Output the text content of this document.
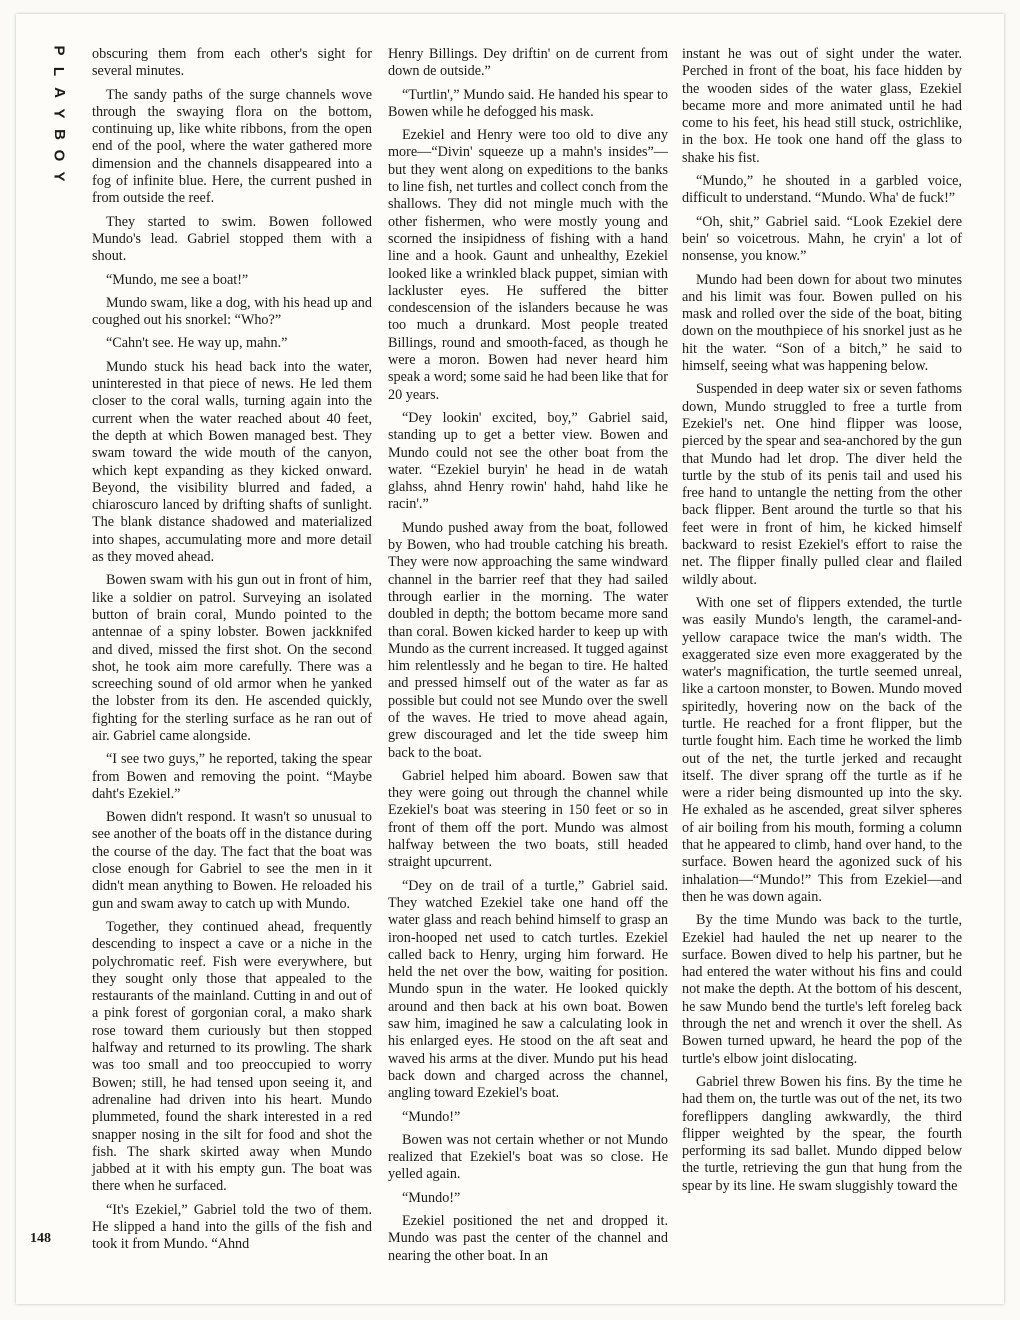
P
L
A
Y
B
O
Y

obscuring them from each other's sight for several minutes.

The sandy paths of the surge channels wove through the swaying flora on the bottom, continuing up, like white ribbons, from the open end of the pool, where the water gathered more dimension and the channels disappeared into a fog of infinite blue. Here, the current pushed in from outside the reef.

They started to swim. Bowen followed Mundo's lead. Gabriel stopped them with a shout.

“Mundo, me see a boat!”

Mundo swam, like a dog, with his head up and coughed out his snorkel: “Who?”

“Cahn't see. He way up, mahn.”

Mundo stuck his head back into the water, uninterested in that piece of news. He led them closer to the coral walls, turning again into the current when the water reached about 40 feet, the depth at which Bowen managed best. They swam toward the wide mouth of the canyon, which kept expanding as they kicked onward. Beyond, the visibility blurred and faded, a chiaroscuro lanced by drifting shafts of sunlight. The blank distance shadowed and materialized into shapes, accumulating more and more detail as they moved ahead.

Bowen swam with his gun out in front of him, like a soldier on patrol. Surveying an isolated button of brain coral, Mundo pointed to the antennae of a spiny lobster. Bowen jackknifed and dived, missed the first shot. On the second shot, he took aim more carefully. There was a screeching sound of old armor when he yanked the lobster from its den. He ascended quickly, fighting for the sterling surface as he ran out of air. Gabriel came alongside.

“I see two guys,” he reported, taking the spear from Bowen and removing the point. “Maybe daht's Ezekiel.”

Bowen didn't respond. It wasn't so unusual to see another of the boats off in the distance during the course of the day. The fact that the boat was close enough for Gabriel to see the men in it didn't mean anything to Bowen. He reloaded his gun and swam away to catch up with Mundo.

Together, they continued ahead, frequently descending to inspect a cave or a niche in the polychromatic reef. Fish were everywhere, but they sought only those that appealed to the restaurants of the mainland. Cutting in and out of a pink forest of gorgonian coral, a mako shark rose toward them curiously but then stopped halfway and returned to its prowling. The shark was too small and too preoccupied to worry Bowen; still, he had tensed upon seeing it, and adrenaline had driven into his heart. Mundo plummeted, found the shark interested in a red snapper nosing in the silt for food and shot the fish. The shark skirted away when Mundo jabbed at it with his empty gun. The boat was there when he surfaced.

“It's Ezekiel,” Gabriel told the two of them. He slipped a hand into the gills of the fish and took it from Mundo. “Ahnd

Henry Billings. Dey driftin' on de current from down de outside.”

“Turtlin',” Mundo said. He handed his spear to Bowen while he defogged his mask.

Ezekiel and Henry were too old to dive any more—“Divin' squeeze up a mahn's insides”—but they went along on expeditions to the banks to line fish, net turtles and collect conch from the shallows. They did not mingle much with the other fishermen, who were mostly young and scorned the insipidness of fishing with a hand line and a hook. Gaunt and unhealthy, Ezekiel looked like a wrinkled black puppet, simian with lackluster eyes. He suffered the bitter condescension of the islanders because he was too much a drunkard. Most people treated Billings, round and smooth-faced, as though he were a moron. Bowen had never heard him speak a word; some said he had been like that for 20 years.

“Dey lookin' excited, boy,” Gabriel said, standing up to get a better view. Bowen and Mundo could not see the other boat from the water. “Ezekiel buryin' he head in de watah glahss, ahnd Henry rowin' hahd, hahd like he racin'.”

Mundo pushed away from the boat, followed by Bowen, who had trouble catching his breath. They were now approaching the same windward channel in the barrier reef that they had sailed through earlier in the morning. The water doubled in depth; the bottom became more sand than coral. Bowen kicked harder to keep up with Mundo as the current increased. It tugged against him relentlessly and he began to tire. He halted and pressed himself out of the water as far as possible but could not see Mundo over the swell of the waves. He tried to move ahead again, grew discouraged and let the tide sweep him back to the boat.

Gabriel helped him aboard. Bowen saw that they were going out through the channel while Ezekiel's boat was steering in 150 feet or so in front of them off the port. Mundo was almost halfway between the two boats, still headed straight upcurrent.

“Dey on de trail of a turtle,” Gabriel said. They watched Ezekiel take one hand off the water glass and reach behind himself to grasp an iron-hooped net used to catch turtles. Ezekiel called back to Henry, urging him forward. He held the net over the bow, waiting for position. Mundo spun in the water. He looked quickly around and then back at his own boat. Bowen saw him, imagined he saw a calculating look in his enlarged eyes. He stood on the aft seat and waved his arms at the diver. Mundo put his head back down and charged across the channel, angling toward Ezekiel's boat.

“Mundo!”

Bowen was not certain whether or not Mundo realized that Ezekiel's boat was so close. He yelled again.

“Mundo!”

Ezekiel positioned the net and dropped it. Mundo was past the center of the channel and nearing the other boat. In an

instant he was out of sight under the water. Perched in front of the boat, his face hidden by the wooden sides of the water glass, Ezekiel became more and more animated until he had come to his feet, his head still stuck, ostrichlike, in the box. He took one hand off the glass to shake his fist.

“Mundo,” he shouted in a garbled voice, difficult to understand. “Mundo. Wha' de fuck!”

“Oh, shit,” Gabriel said. “Look Ezekiel dere bein' so voicetrous. Mahn, he cryin' a lot of nonsense, you know.”

Mundo had been down for about two minutes and his limit was four. Bowen pulled on his mask and rolled over the side of the boat, biting down on the mouthpiece of his snorkel just as he hit the water. “Son of a bitch,” he said to himself, seeing what was happening below.

Suspended in deep water six or seven fathoms down, Mundo struggled to free a turtle from Ezekiel's net. One hind flipper was loose, pierced by the spear and sea-anchored by the gun that Mundo had let drop. The diver held the turtle by the stub of its penis tail and used his free hand to untangle the netting from the other back flipper. Bent around the turtle so that his feet were in front of him, he kicked himself backward to resist Ezekiel's effort to raise the net. The flipper finally pulled clear and flailed wildly about.

With one set of flippers extended, the turtle was easily Mundo's length, the caramel-and-yellow carapace twice the man's width. The exaggerated size even more exaggerated by the water's magnification, the turtle seemed unreal, like a cartoon monster, to Bowen. Mundo moved spiritedly, hovering now on the back of the turtle. He reached for a front flipper, but the turtle fought him. Each time he worked the limb out of the net, the turtle jerked and recaught itself. The diver sprang off the turtle as if he were a rider being dismounted up into the sky. He exhaled as he ascended, great silver spheres of air boiling from his mouth, forming a column that he appeared to climb, hand over hand, to the surface. Bowen heard the agonized suck of his inhalation—“Mundo!” This from Ezekiel—and then he was down again.

By the time Mundo was back to the turtle, Ezekiel had hauled the net up nearer to the surface. Bowen dived to help his partner, but he had entered the water without his fins and could not make the depth. At the bottom of his descent, he saw Mundo bend the turtle's left foreleg back through the net and wrench it over the shell. As Bowen turned upward, he heard the pop of the turtle's elbow joint dislocating.

Gabriel threw Bowen his fins. By the time he had them on, the turtle was out of the net, its two foreflippers dangling awkwardly, the third flipper weighted by the spear, the fourth performing its sad ballet. Mundo dipped below the turtle, retrieving the gun that hung from the spear by its line. He swam sluggishly toward the

148
